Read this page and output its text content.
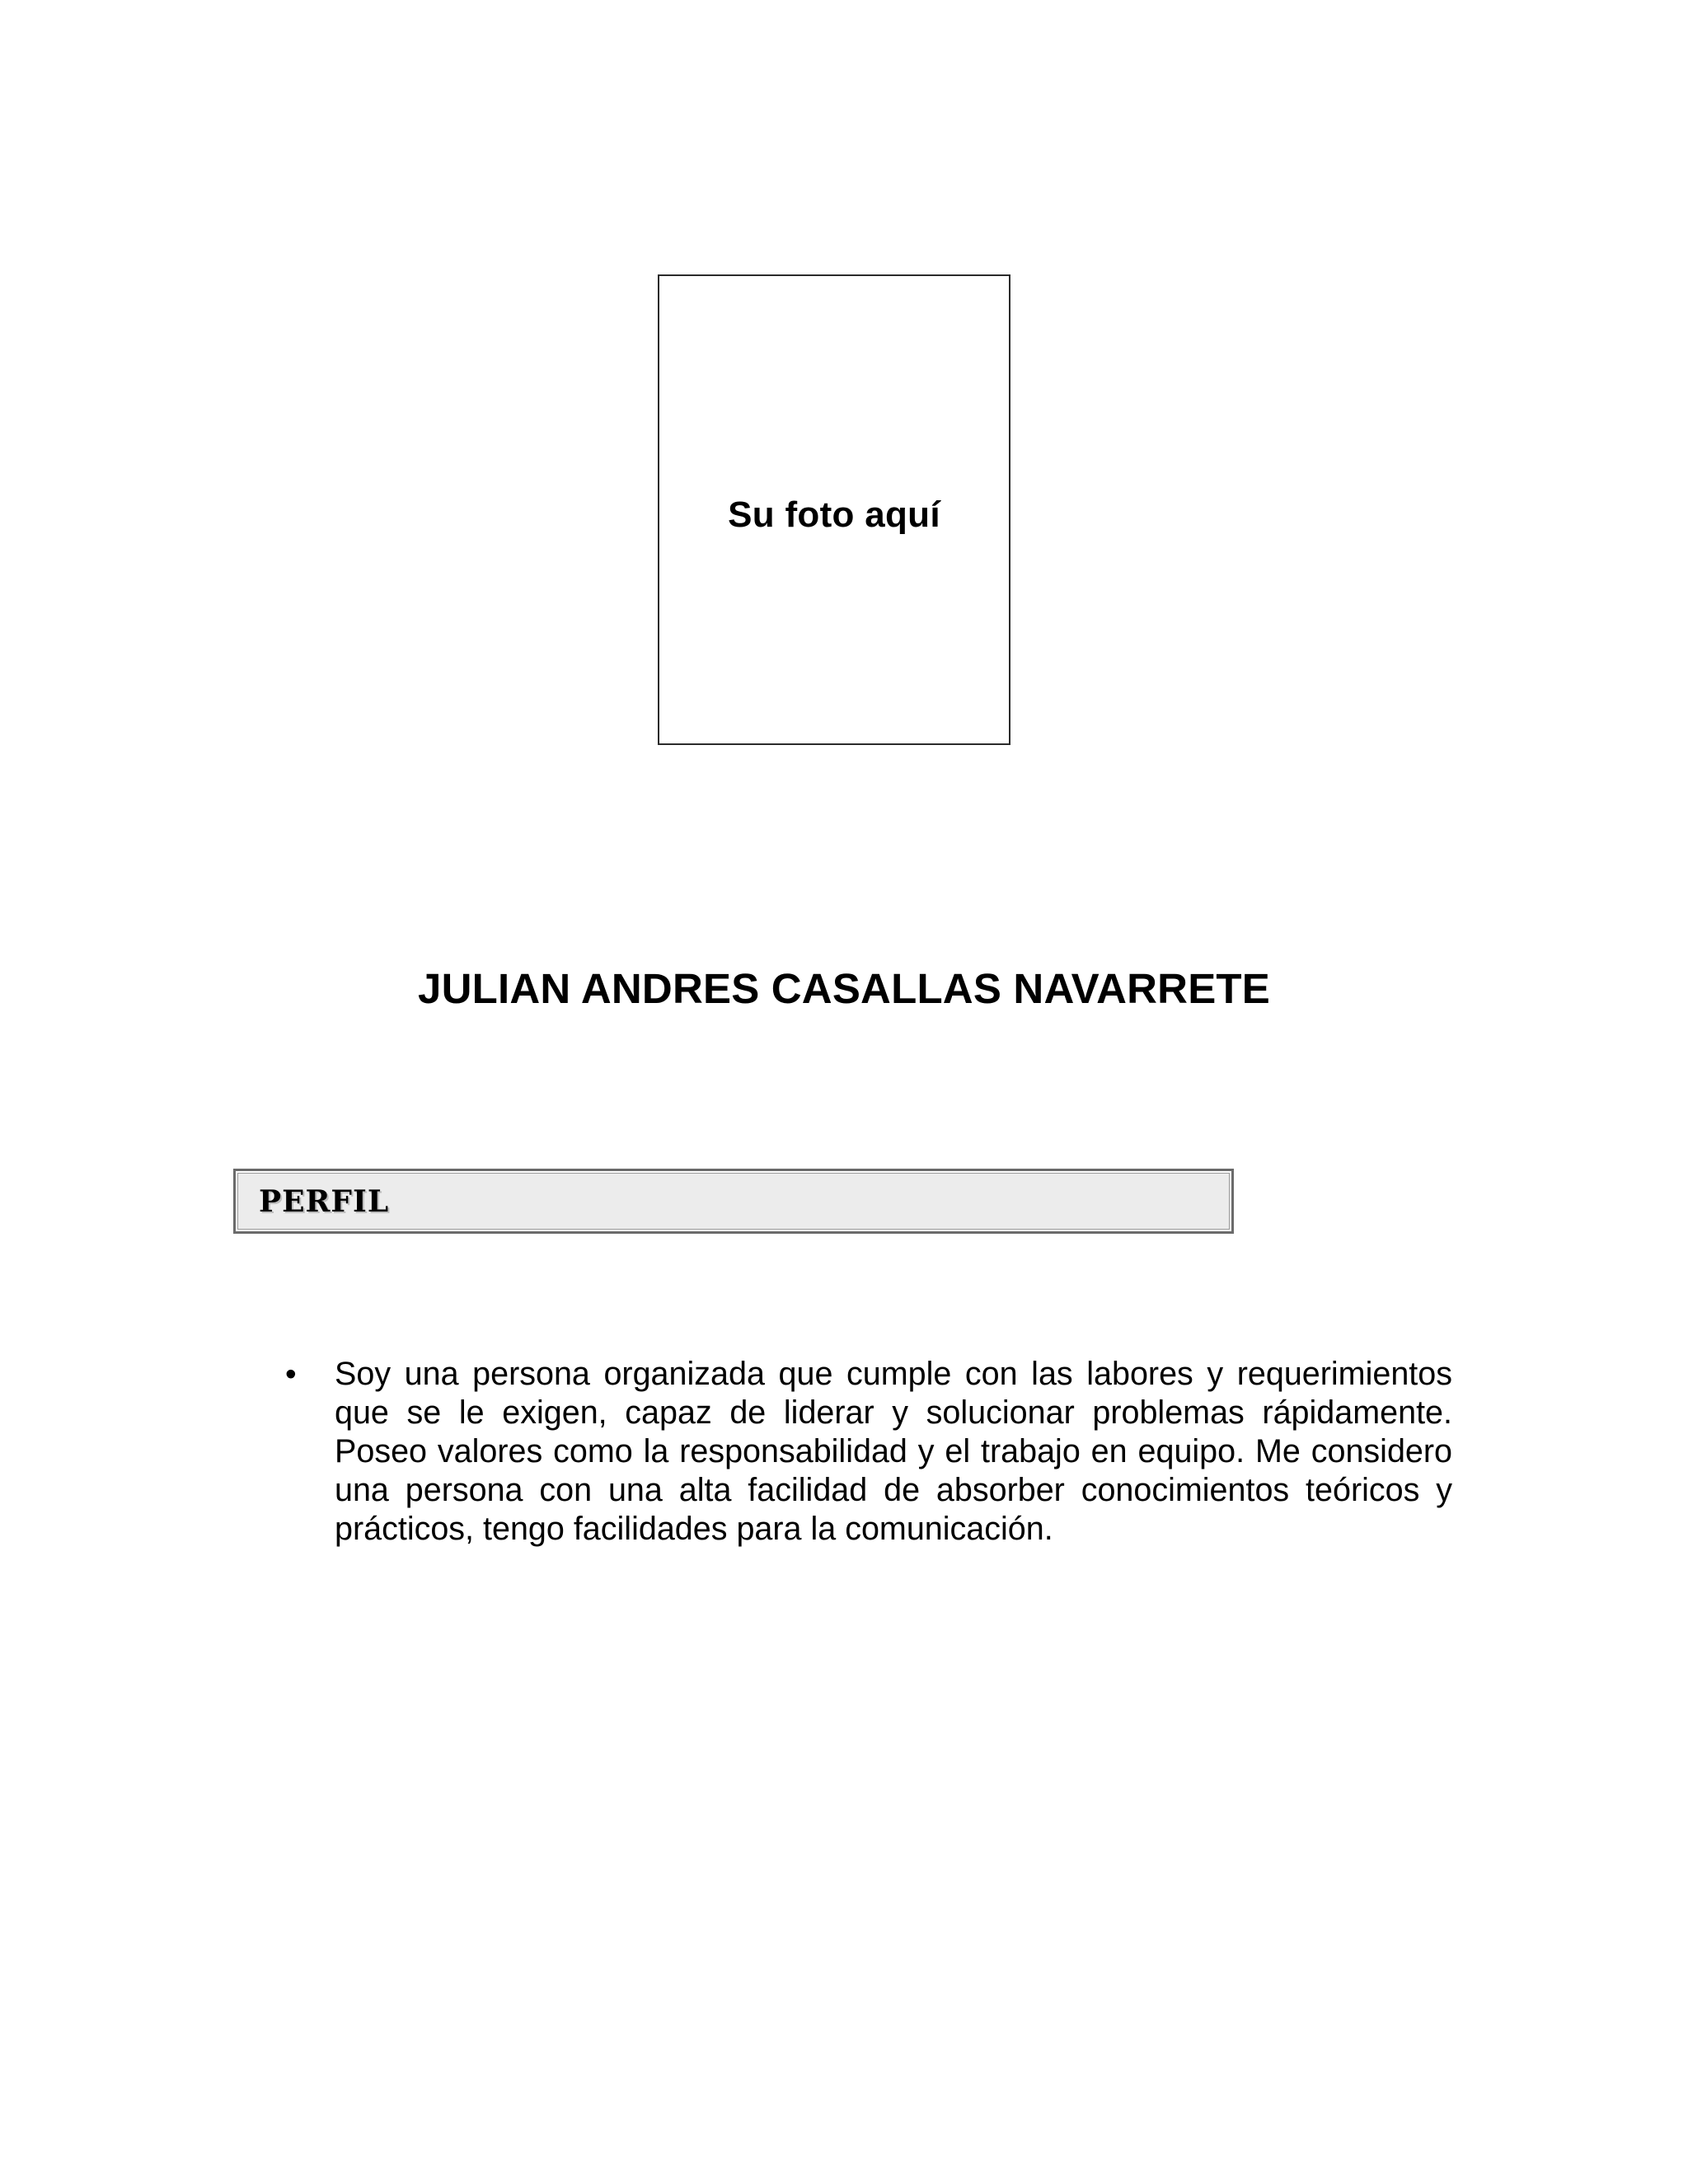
Su foto aquí
JULIAN ANDRES CASALLAS NAVARRETE
PERFIL
• Soy una persona organizada que cumple con las labores y requerimientos que se le exigen, capaz de liderar y solucionar problemas rápidamente. Poseo valores como la responsabilidad y el trabajo en equipo. Me considero una persona con una alta facilidad de absorber conocimientos teóricos y prácticos, tengo facilidades para la comunicación.
